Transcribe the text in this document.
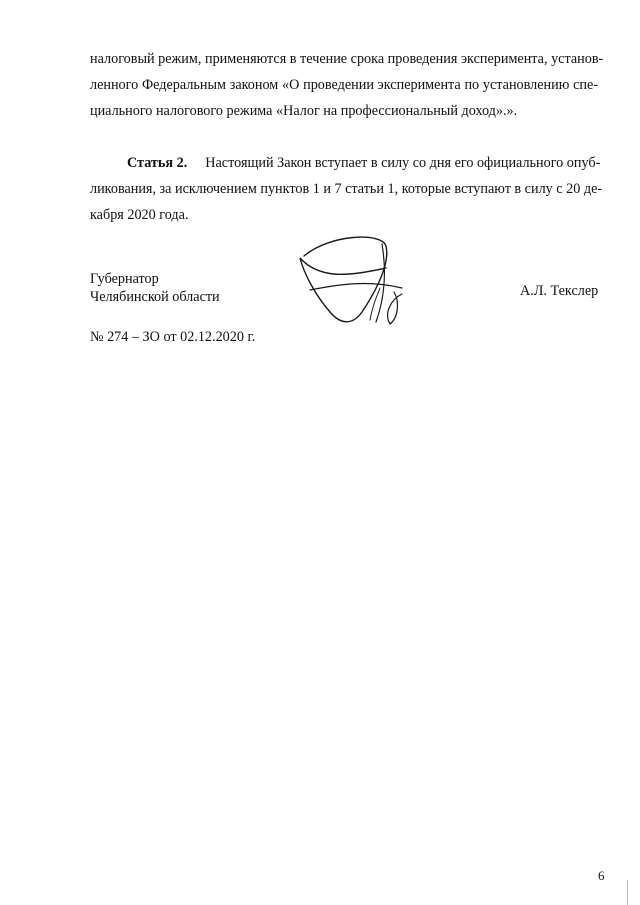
налоговый режим, применяются в течение срока проведения эксперимента, установ-
ленного Федеральным законом «О проведении эксперимента по установлению спе-
циального налогового режима «Налог на профессиональный доход».».
Статья 2. Настоящий Закон вступает в силу со дня его официального опуб-
ликования, за исключением пунктов 1 и 7 статьи 1, которые вступают в силу с 20 де-
кабря 2020 года.
Губернатор
Челябинской области	А.Л. Текслер
№ 274 – ЗО от 02.12.2020 г.
6
